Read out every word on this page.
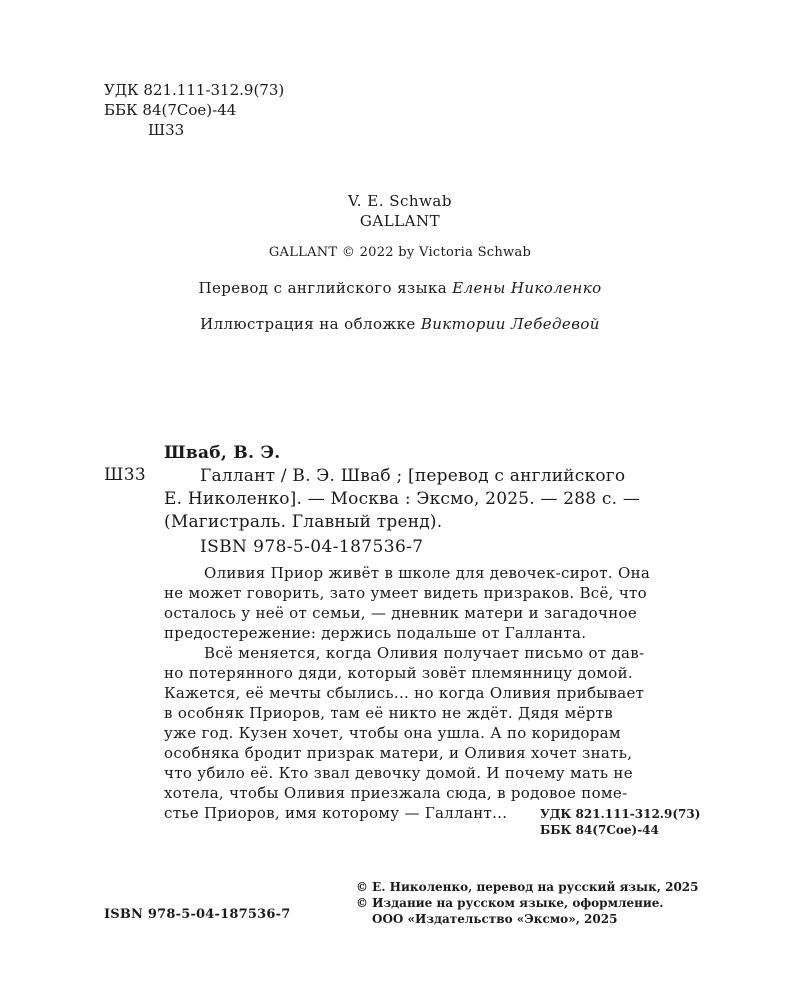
УДК 821.111-312.9(73)
ББК 84(7Сое)-44
Ш33
V. E. Schwab
GALLANT
GALLANT © 2022 by Victoria Schwab
Перевод с английского языка Елены Николенко
Иллюстрация на обложке Виктории Лебедевой
Шваб, В. Э.
Ш33	Галлант / В. Э. Шваб ; [перевод с английского
Е. Николенко]. — Москва : Эксмо, 2025. — 288 с. —
(Магистраль. Главный тренд).
ISBN 978-5-04-187536-7
Оливия Приор живёт в школе для девочек-сирот. Она
не может говорить, зато умеет видеть призраков. Всё, что
осталось у неё от семьи, — дневник матери и загадочное
предостережение: держись подальше от Галланта.
Всё меняется, когда Оливия получает письмо от дав-
но потерянного дяди, который зовёт племянницу домой.
Кажется, её мечты сбылись... но когда Оливия прибывает
в особняк Приоров, там её никто не ждёт. Дядя мёртв
уже год. Кузен хочет, чтобы она ушла. А по коридорам
особняка бродит призрак матери, и Оливия хочет знать,
что убило её. Кто звал девочку домой. И почему мать не
хотела, чтобы Оливия приезжала сюда, в родовое поме-
стье Приоров, имя которому — Галлант...	УДК 821.111-312.9(73)
ББК 84(7Сое)-44
ISBN 978-5-04-187536-7
© Е. Николенко, перевод на русский язык, 2025
© Издание на русском языке, оформление.
ООО «Издательство «Эксмо», 2025
